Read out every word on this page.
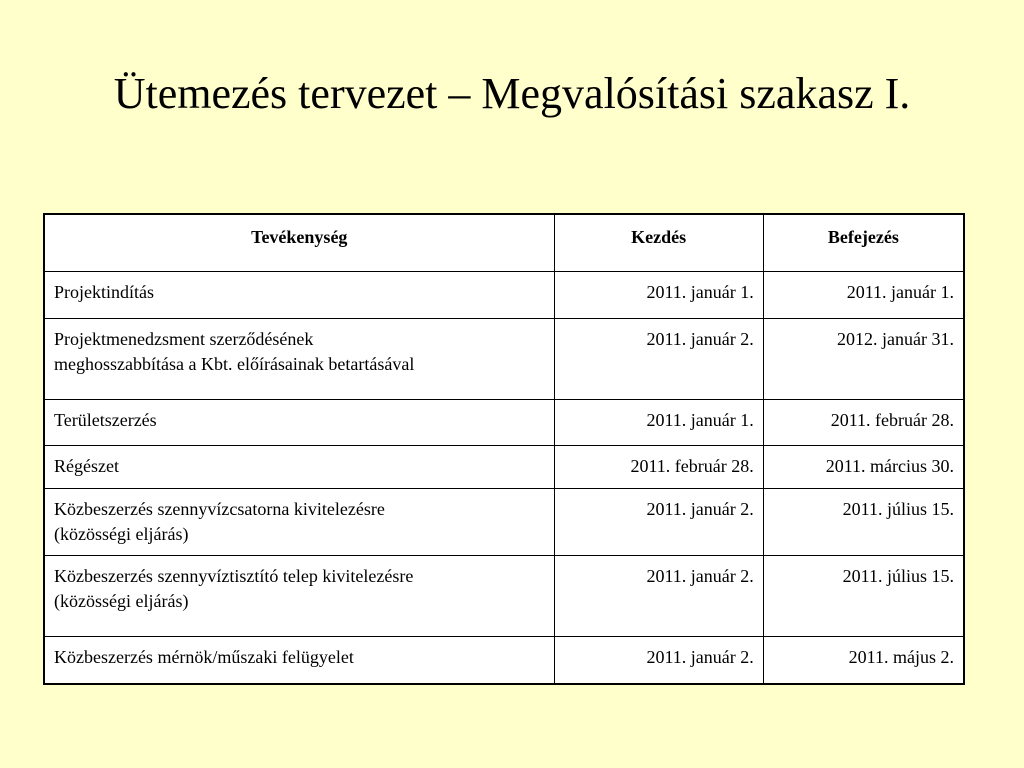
Ütemezés tervezet – Megvalósítási szakasz I.
Tevékenység	Kezdés	Befejezés
Projektindítás	2011. január 1.	2011. január 1.
Projektmenedzsment szerződésének
meghosszabbítása a Kbt. előírásainak betartásával	2011. január 2.	2012. január 31.
Területszerzés	2011. január 1.	2011. február 28.
Régészet	2011. február 28.	2011. március 30.
Közbeszerzés szennyvízcsatorna kivitelezésre
(közösségi eljárás)	2011. január 2.	2011. július 15.
Közbeszerzés szennyvíztisztító telep kivitelezésre
(közösségi eljárás)	2011. január 2.	2011. július 15.
Közbeszerzés mérnök/műszaki felügyelet	2011. január 2.	2011. május 2.
